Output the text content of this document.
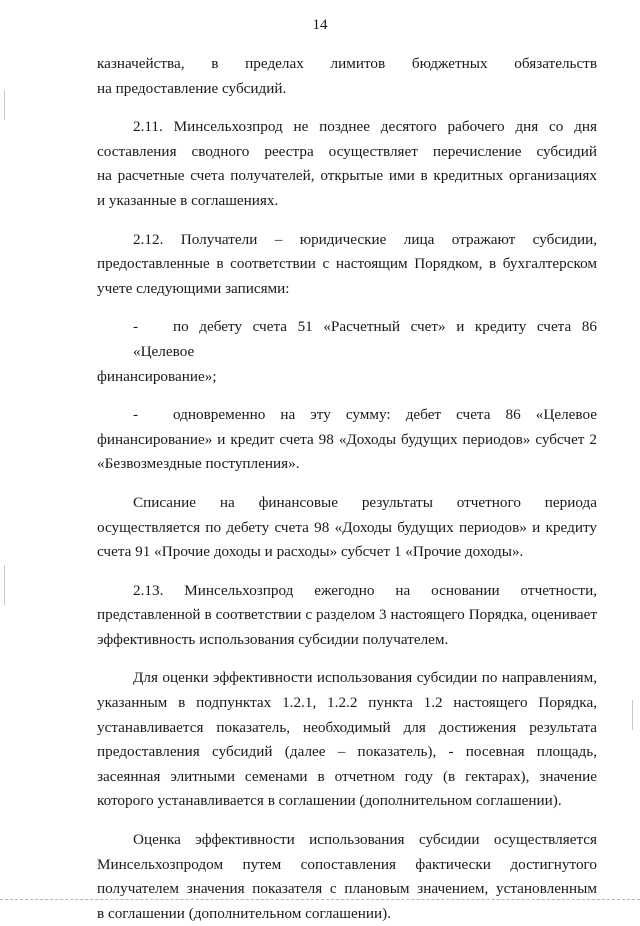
14

казначейства, в пределах лимитов бюджетных обязательств
на предоставление субсидий.

2.11. Минсельхозпрод не позднее десятого рабочего дня со дня
составления сводного реестра осуществляет перечисление субсидий
на расчетные счета получателей, открытые ими в кредитных организациях
и указанные в соглашениях.

2.12. Получатели – юридические лица отражают субсидии,
предоставленные в соответствии с настоящим Порядком, в бухгалтерском
учете следующими записями:

- по дебету счета 51 «Расчетный счет» и кредиту счета 86 «Целевое
финансирование»;

- одновременно на эту сумму: дебет счета 86 «Целевое
финансирование» и кредит счета 98 «Доходы будущих периодов» субсчет 2
«Безвозмездные поступления».

Списание на финансовые результаты отчетного периода
осуществляется по дебету счета 98 «Доходы будущих периодов» и кредиту
счета 91 «Прочие доходы и расходы» субсчет 1 «Прочие доходы».

2.13. Минсельхозпрод ежегодно на основании отчетности,
представленной в соответствии с разделом 3 настоящего Порядка, оценивает
эффективность использования субсидии получателем.

Для оценки эффективности использования субсидии по направлениям,
указанным в подпунктах 1.2.1, 1.2.2 пункта 1.2 настоящего Порядка,
устанавливается показатель, необходимый для достижения результата
предоставления субсидий (далее – показатель), - посевная площадь,
засеянная элитными семенами в отчетном году (в гектарах), значение
которого устанавливается в соглашении (дополнительном соглашении).

Оценка эффективности использования субсидии осуществляется
Минсельхозпродом путем сопоставления фактически достигнутого
получателем значения показателя с плановым значением, установленным
в соглашении (дополнительном соглашении).
